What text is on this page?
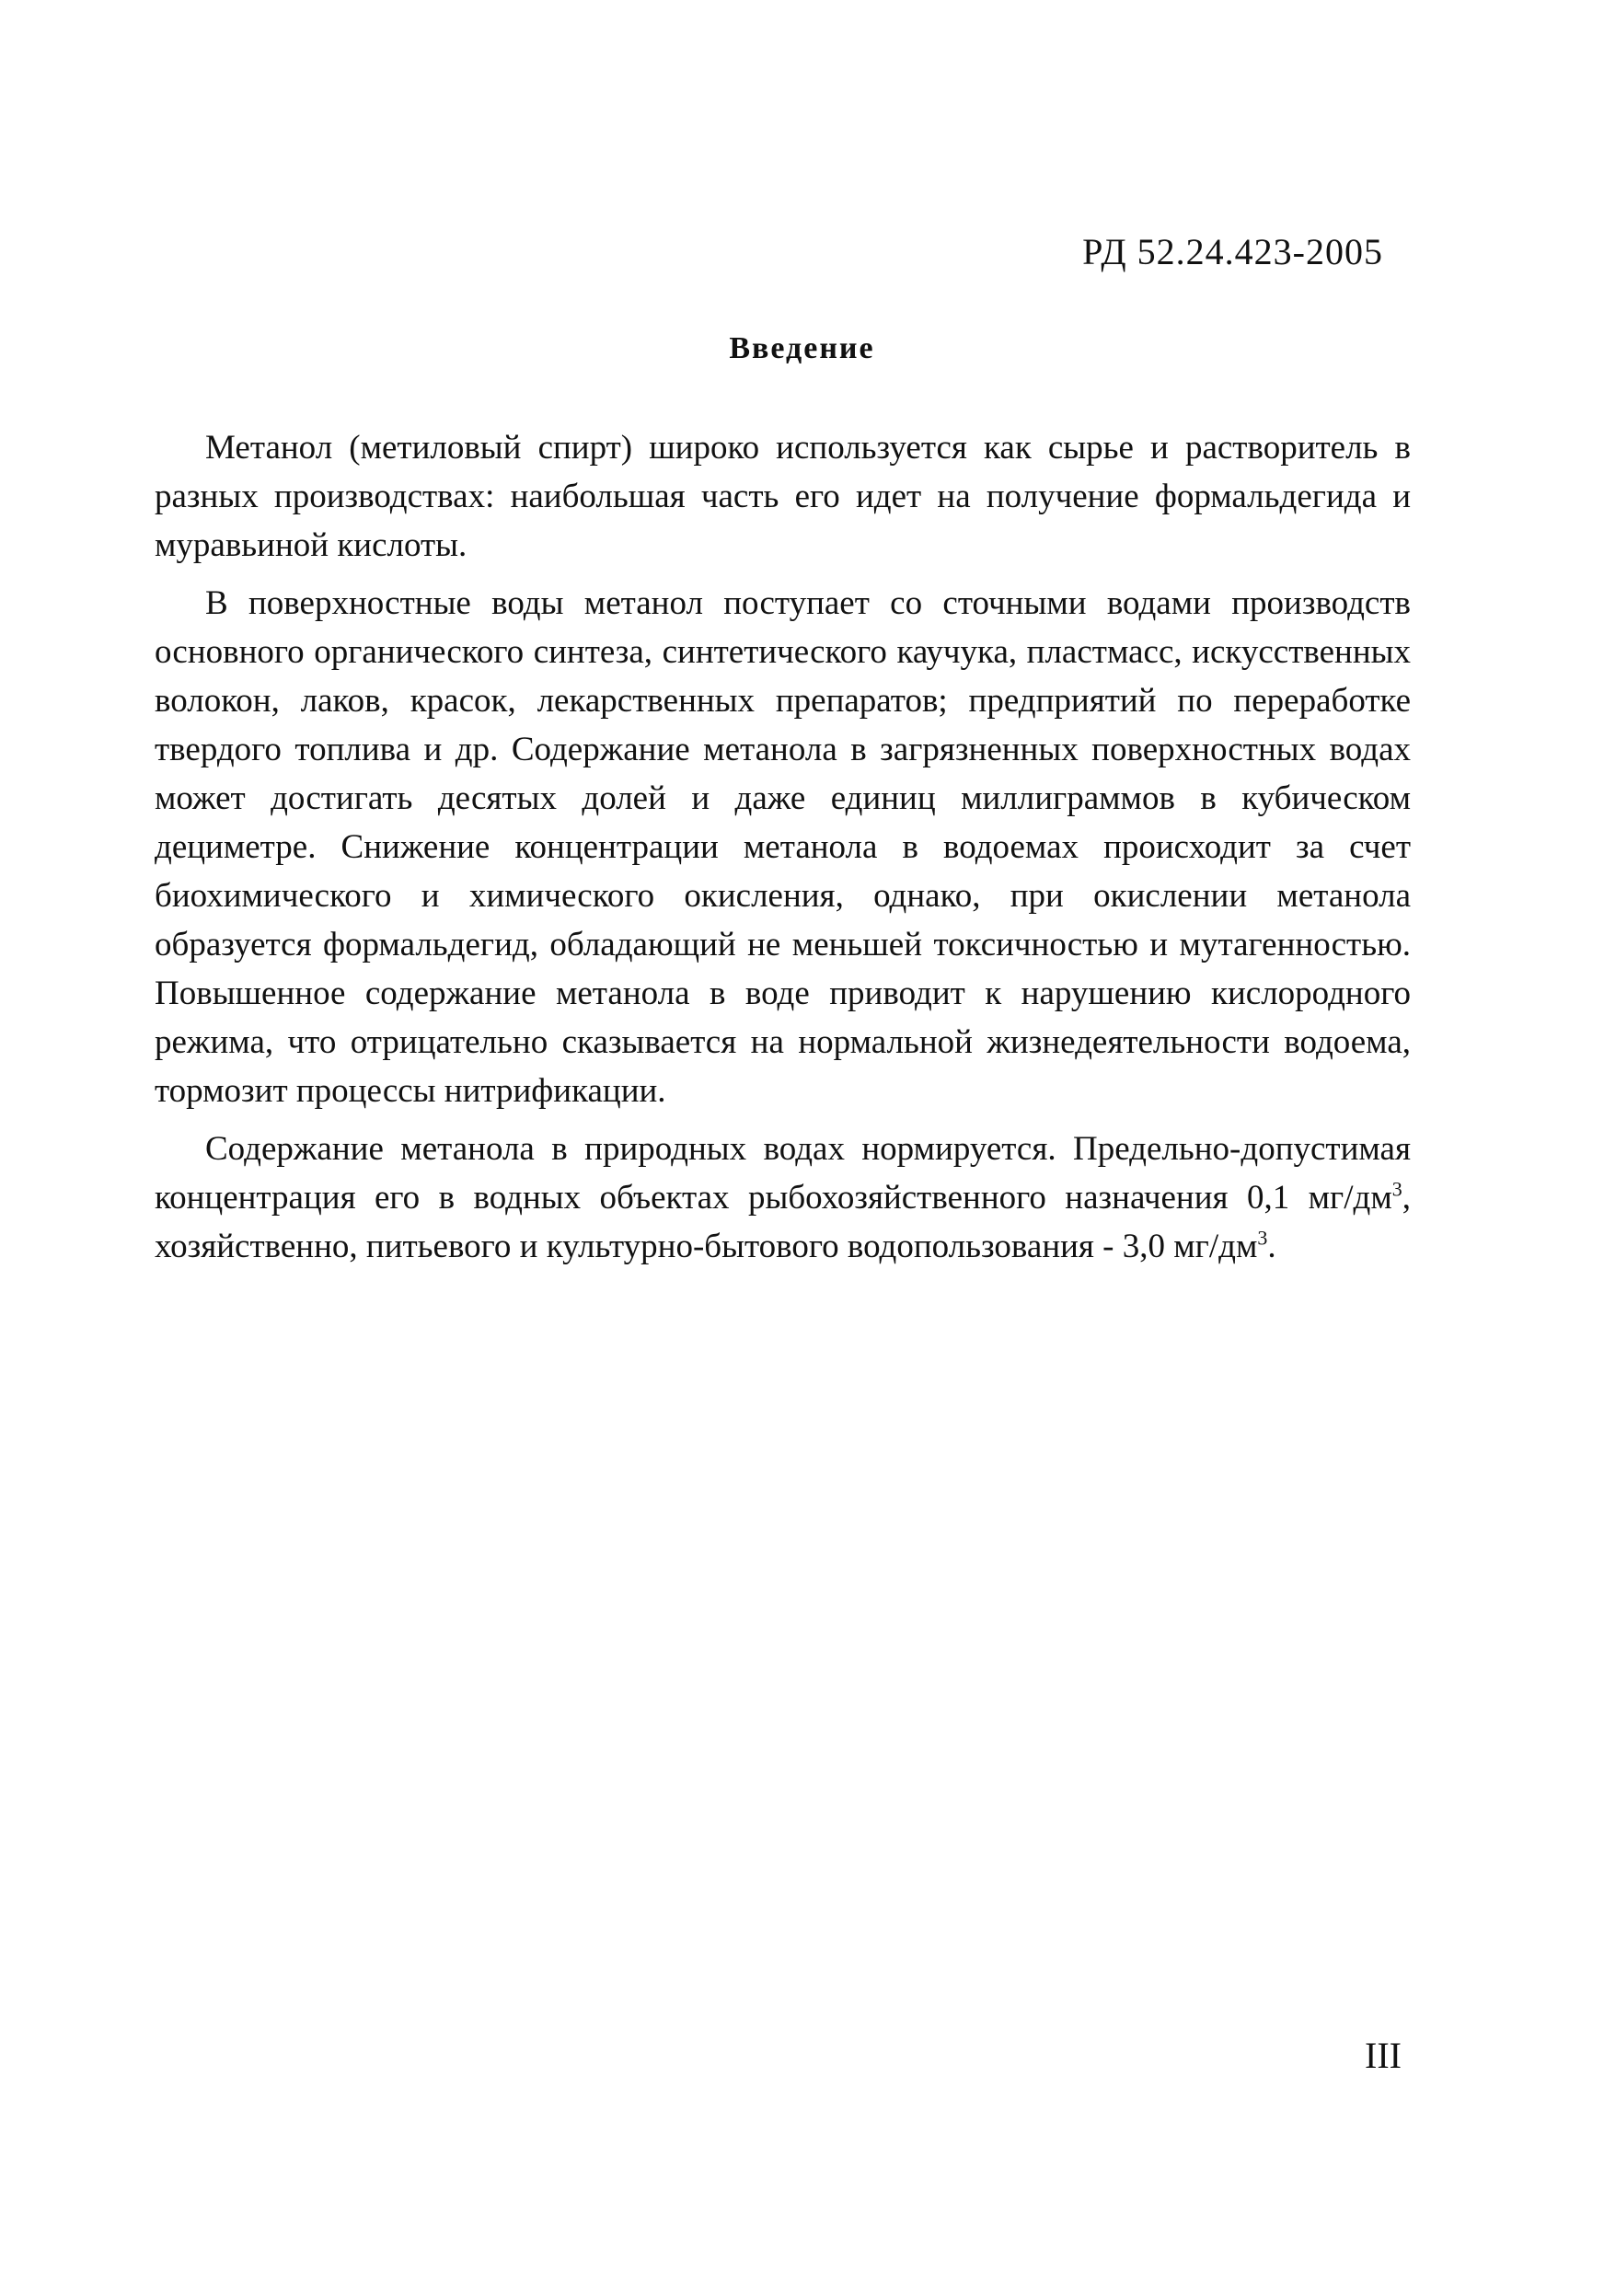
РД 52.24.423-2005
Введение

Метанол (метиловый спирт) широко используется как сырье и растворитель в разных производствах: наибольшая часть его идет на получение формальдегида и муравьиной кислоты.

В поверхностные воды метанол поступает со сточными водами производств основного органического синтеза, синтетического каучука, пластмасс, искусственных волокон, лаков, красок, лекарственных препаратов; предприятий по переработке твердого топлива и др. Содержание метанола в загрязненных поверхностных водах может достигать десятых долей и даже единиц миллиграммов в кубическом дециметре. Снижение концентрации метанола в водоемах происходит за счет биохимического и химического окисления, однако, при окислении метанола образуется формальдегид, обладающий не меньшей токсичностью и мутагенностью. Повышенное содержание метанола в воде приводит к нарушению кислородного режима, что отрицательно сказывается на нормальной жизнедеятельности водоема, тормозит процессы нитрификации.

Содержание метанола в природных водах нормируется. Предельно-допустимая концентрация его в водных объектах рыбохозяйственного назначения 0,1 $мг/дм^3$, хозяйственно, питьевого и культурно-бытового водопользования - 3,0 $мг/дм^3$.

III
